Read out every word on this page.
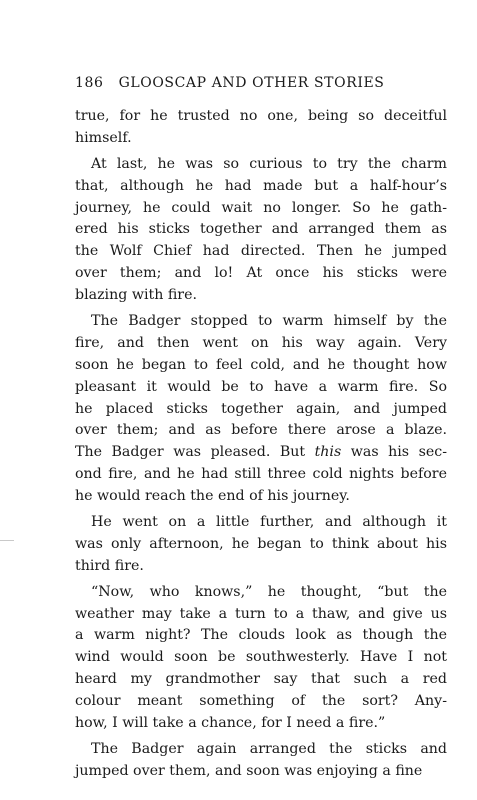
186 GLOOSCAP AND OTHER STORIES
true, for he trusted no one, being so deceitful
himself.
At last, he was so curious to try the charm
that, although he had made but a half-hour’s
journey, he could wait no longer. So he gath-
ered his sticks together and arranged them as
the Wolf Chief had directed. Then he jumped
over them; and lo! At once his sticks were
blazing with fire.
The Badger stopped to warm himself by the
fire, and then went on his way again. Very
soon he began to feel cold, and he thought how
pleasant it would be to have a warm fire. So
he placed sticks together again, and jumped
over them; and as before there arose a blaze.
The Badger was pleased. But this was his sec-
ond fire, and he had still three cold nights before
he would reach the end of his journey.
He went on a little further, and although it
was only afternoon, he began to think about his
third fire.
“Now, who knows,” he thought, “but the
weather may take a turn to a thaw, and give us
a warm night? The clouds look as though the
wind would soon be southwesterly. Have I not
heard my grandmother say that such a red
colour meant something of the sort? Any-
how, I will take a chance, for I need a fire.”
The Badger again arranged the sticks and
jumped over them, and soon was enjoying a fine
